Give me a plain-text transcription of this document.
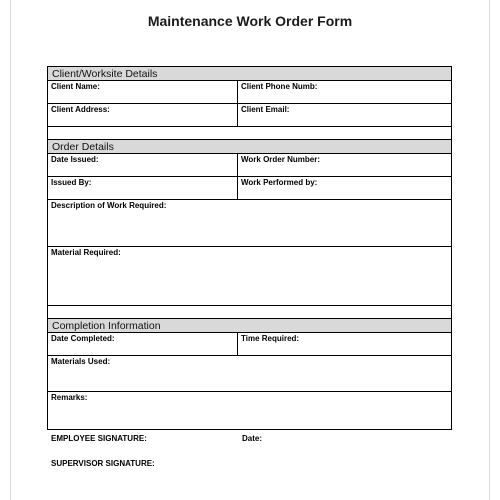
Maintenance Work Order Form
Client/Worksite Details
Client Name:	Client Phone Numb:
Client Address:	Client Email:
Order Details
Date Issued:	Work Order Number:
Issued By:	Work Performed by:
Description of Work Required:
Material Required:
Completion Information
Date Completed:	Time Required:
Materials Used:
Remarks:
EMPLOYEE SIGNATURE:	Date:
SUPERVISOR SIGNATURE:
